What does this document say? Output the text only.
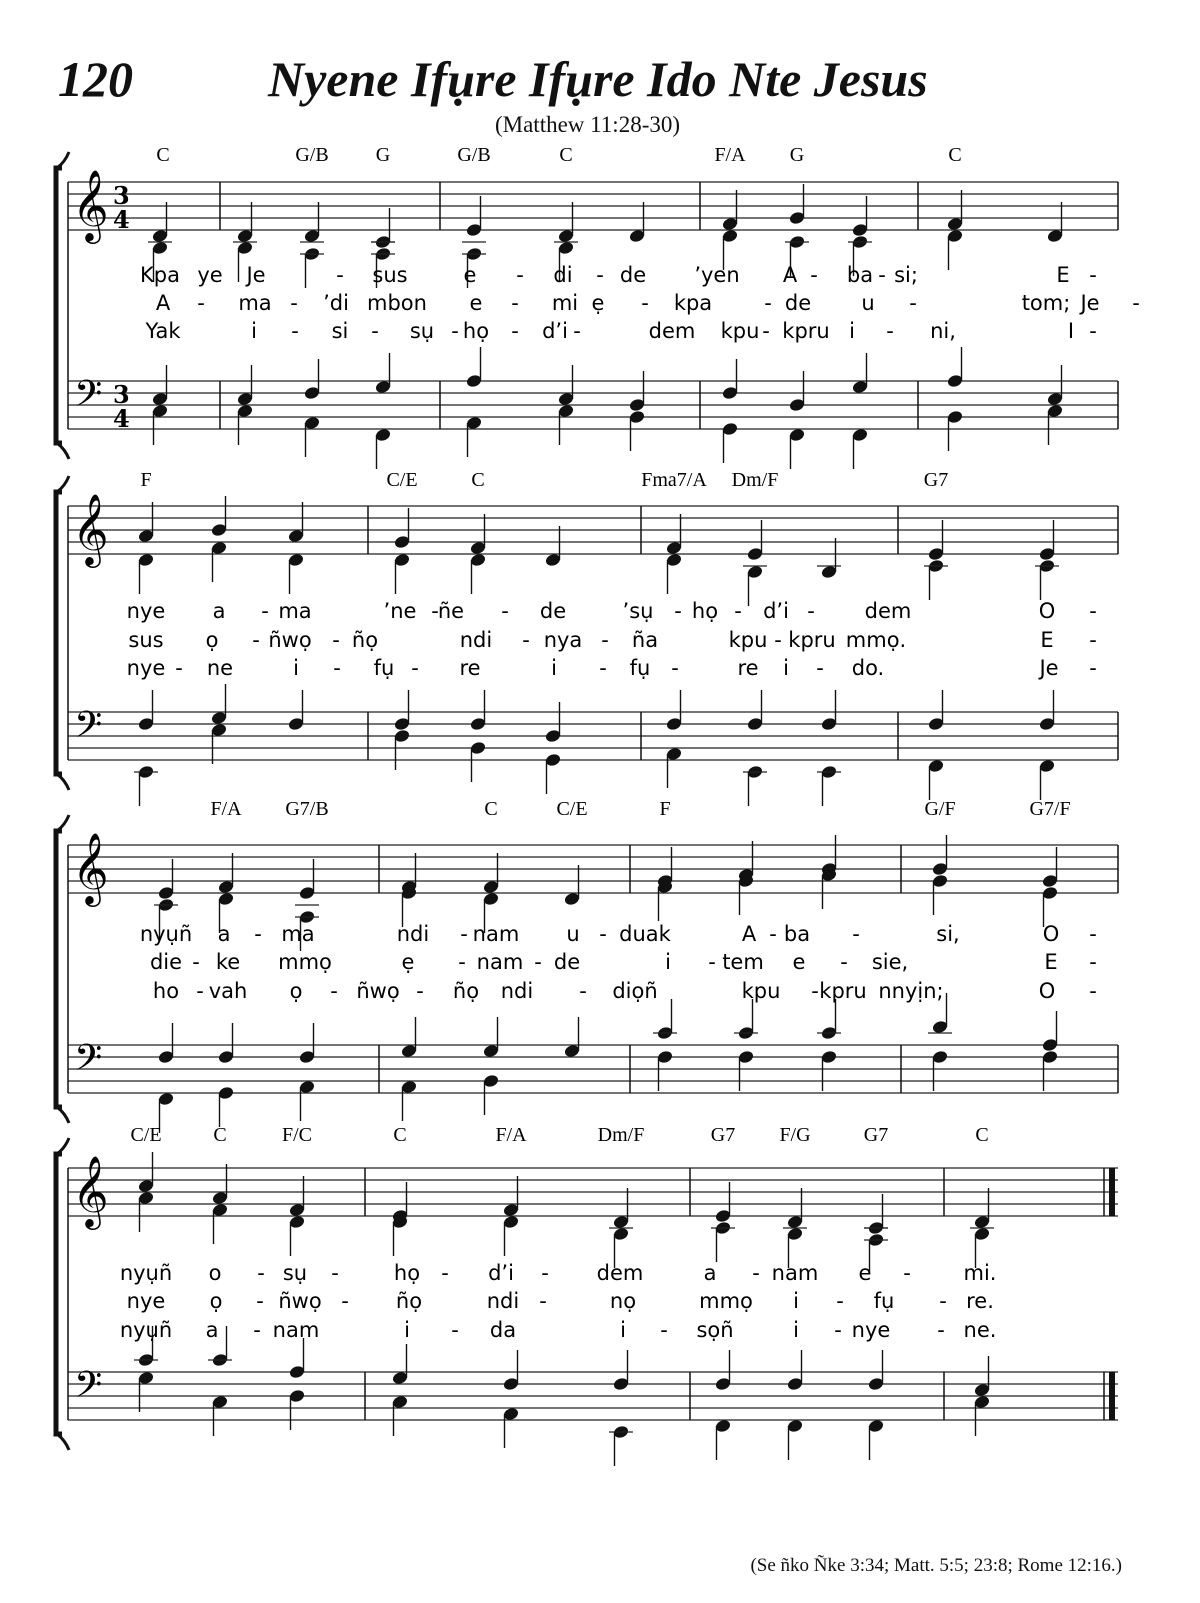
120	Nyene Ifụre Ifụre Ido Nte Jesus
(Matthew 11:28-30)
𝄞
𝄢
3
4
3
4
C	G/B G	G/B	C	F/A G	C
Kpa ye Je	- sus	e - di - de ’yen A - ba - si;	E -
A - ma - ’di mbon e - mi ẹ - kpa - de u -	tom; Je -
Yak	i - si - sụ - họ - d’i -	dem kpu - kpru i - ni,	I -
𝄞
𝄢
F	C/E	C	Fma7/A Dm/F	G7
nye a - ma	’ne - ñe - de	’sụ - họ - d’i - dem	O -
sus ọ - ñwọ - ñọ	ndi - nya - ña	kpu - kpru mmọ.	E -
nye - ne	i - fụ - re	i - fụ -	re i - do.	Je -
𝄞
𝄢
F/A G7/B	C	C/E	F	G/F	G7/F
nyụñ a - ma	ndi - nam u - duak	A - ba -	si,	O -
die - ke mmọ	ẹ - nam - de	i - tem e - sie,	E -
ho - vah ọ - ñwọ - ñọ ndi - diọñ	kpu - kpru nnyịn;	O -
𝄞
𝄢
C/E	C	F/C	C	F/A	Dm/F	G7 F/G	G7	C
nyụñ o - sụ -	họ - d’i - dem	a - nam e -	mi.
nye ọ - ñwọ - ñọ	ndi -	nọ	mmọ i - fụ - re.
nyụñ a - nam	i - da	i - sọñ	i - nye - ne.
(Se ñko Ñke 3:34; Matt. 5:5; 23:8; Rome 12:16.)
